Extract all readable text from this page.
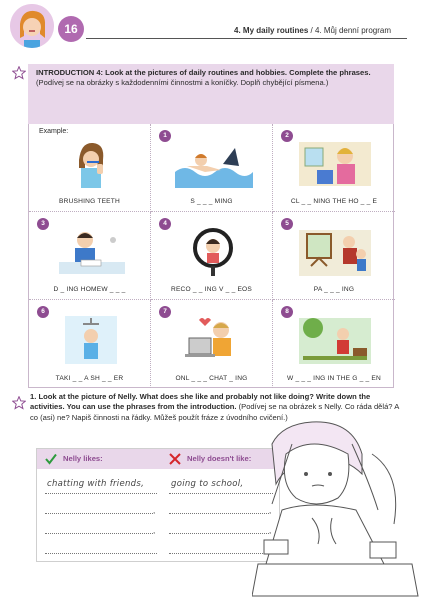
16	4. My daily routines / 4. Můj denní program
INTRODUCTION 4: Look at the pictures of daily routines and hobbies. Complete the phrases. (Podívej se na obrázky s každodenními činnostmi a koníčky. Doplň chybějící písmena.)
Example:
BRUSHING TEETH
1
S _ _ _ MING
2
CL _ _ NING THE HO _ _ E
3
D _ ING HOMEW _ _ _
4
RECO _ _ ING V _ _ EOS
5
PA _ _ _ ING
6
TAKI _ _ A SH _ _ ER
7
ONL _ _ _ CHAT _ ING
8
W _ _ _ ING IN THE G _ _ EN
1. Look at the picture of Nelly. What does she like and probably not like doing? Write down the activities. You can use the phrases from the introduction. (Podívej se na obrázek s Nelly. Co ráda dělá? A co (asi) ne? Napiš činnosti na řádky. Můžeš použít fráze z úvodního cvičení.)
Nelly likes:	Nelly doesn't like:
chatting with friends,
,
,
going to school,
,
,
